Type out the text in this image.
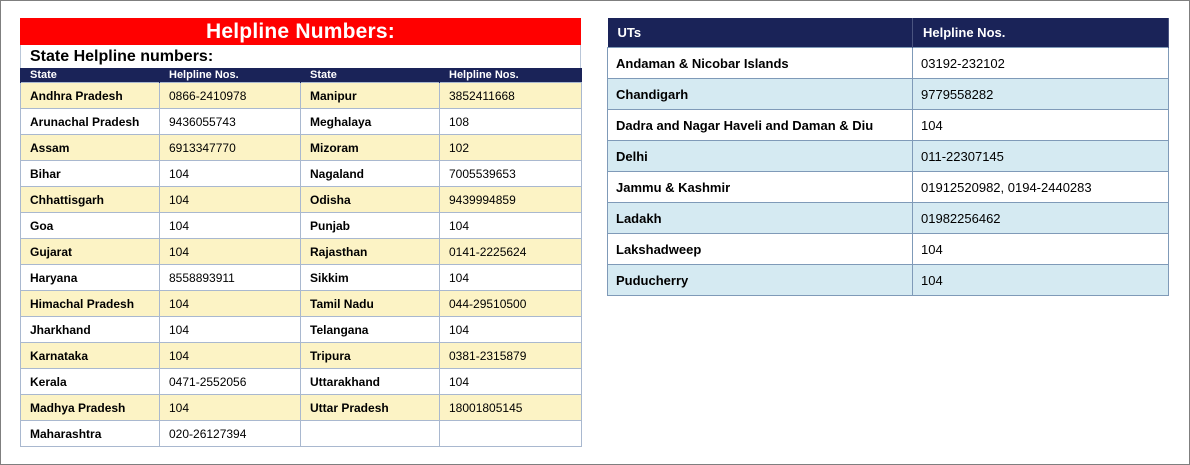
Helpline Numbers:
State Helpline numbers:
State	Helpline Nos.	State	Helpline Nos.
Andhra Pradesh	0866-2410978	Manipur	3852411668
Arunachal Pradesh	9436055743	Meghalaya	108
Assam	6913347770	Mizoram	102
Bihar	104	Nagaland	7005539653
Chhattisgarh	104	Odisha	9439994859
Goa	104	Punjab	104
Gujarat	104	Rajasthan	0141-2225624
Haryana	8558893911	Sikkim	104
Himachal Pradesh	104	Tamil Nadu	044-29510500
Jharkhand	104	Telangana	104
Karnataka	104	Tripura	0381-2315879
Kerala	0471-2552056	Uttarakhand	104
Madhya Pradesh	104	Uttar Pradesh	18001805145
Maharashtra	020-26127394		
UTs	Helpline Nos.
Andaman & Nicobar Islands	03192-232102
Chandigarh	9779558282
Dadra and Nagar Haveli and Daman & Diu	104
Delhi	011-22307145
Jammu & Kashmir	01912520982, 0194-2440283
Ladakh	01982256462
Lakshadweep	104
Puducherry	104
